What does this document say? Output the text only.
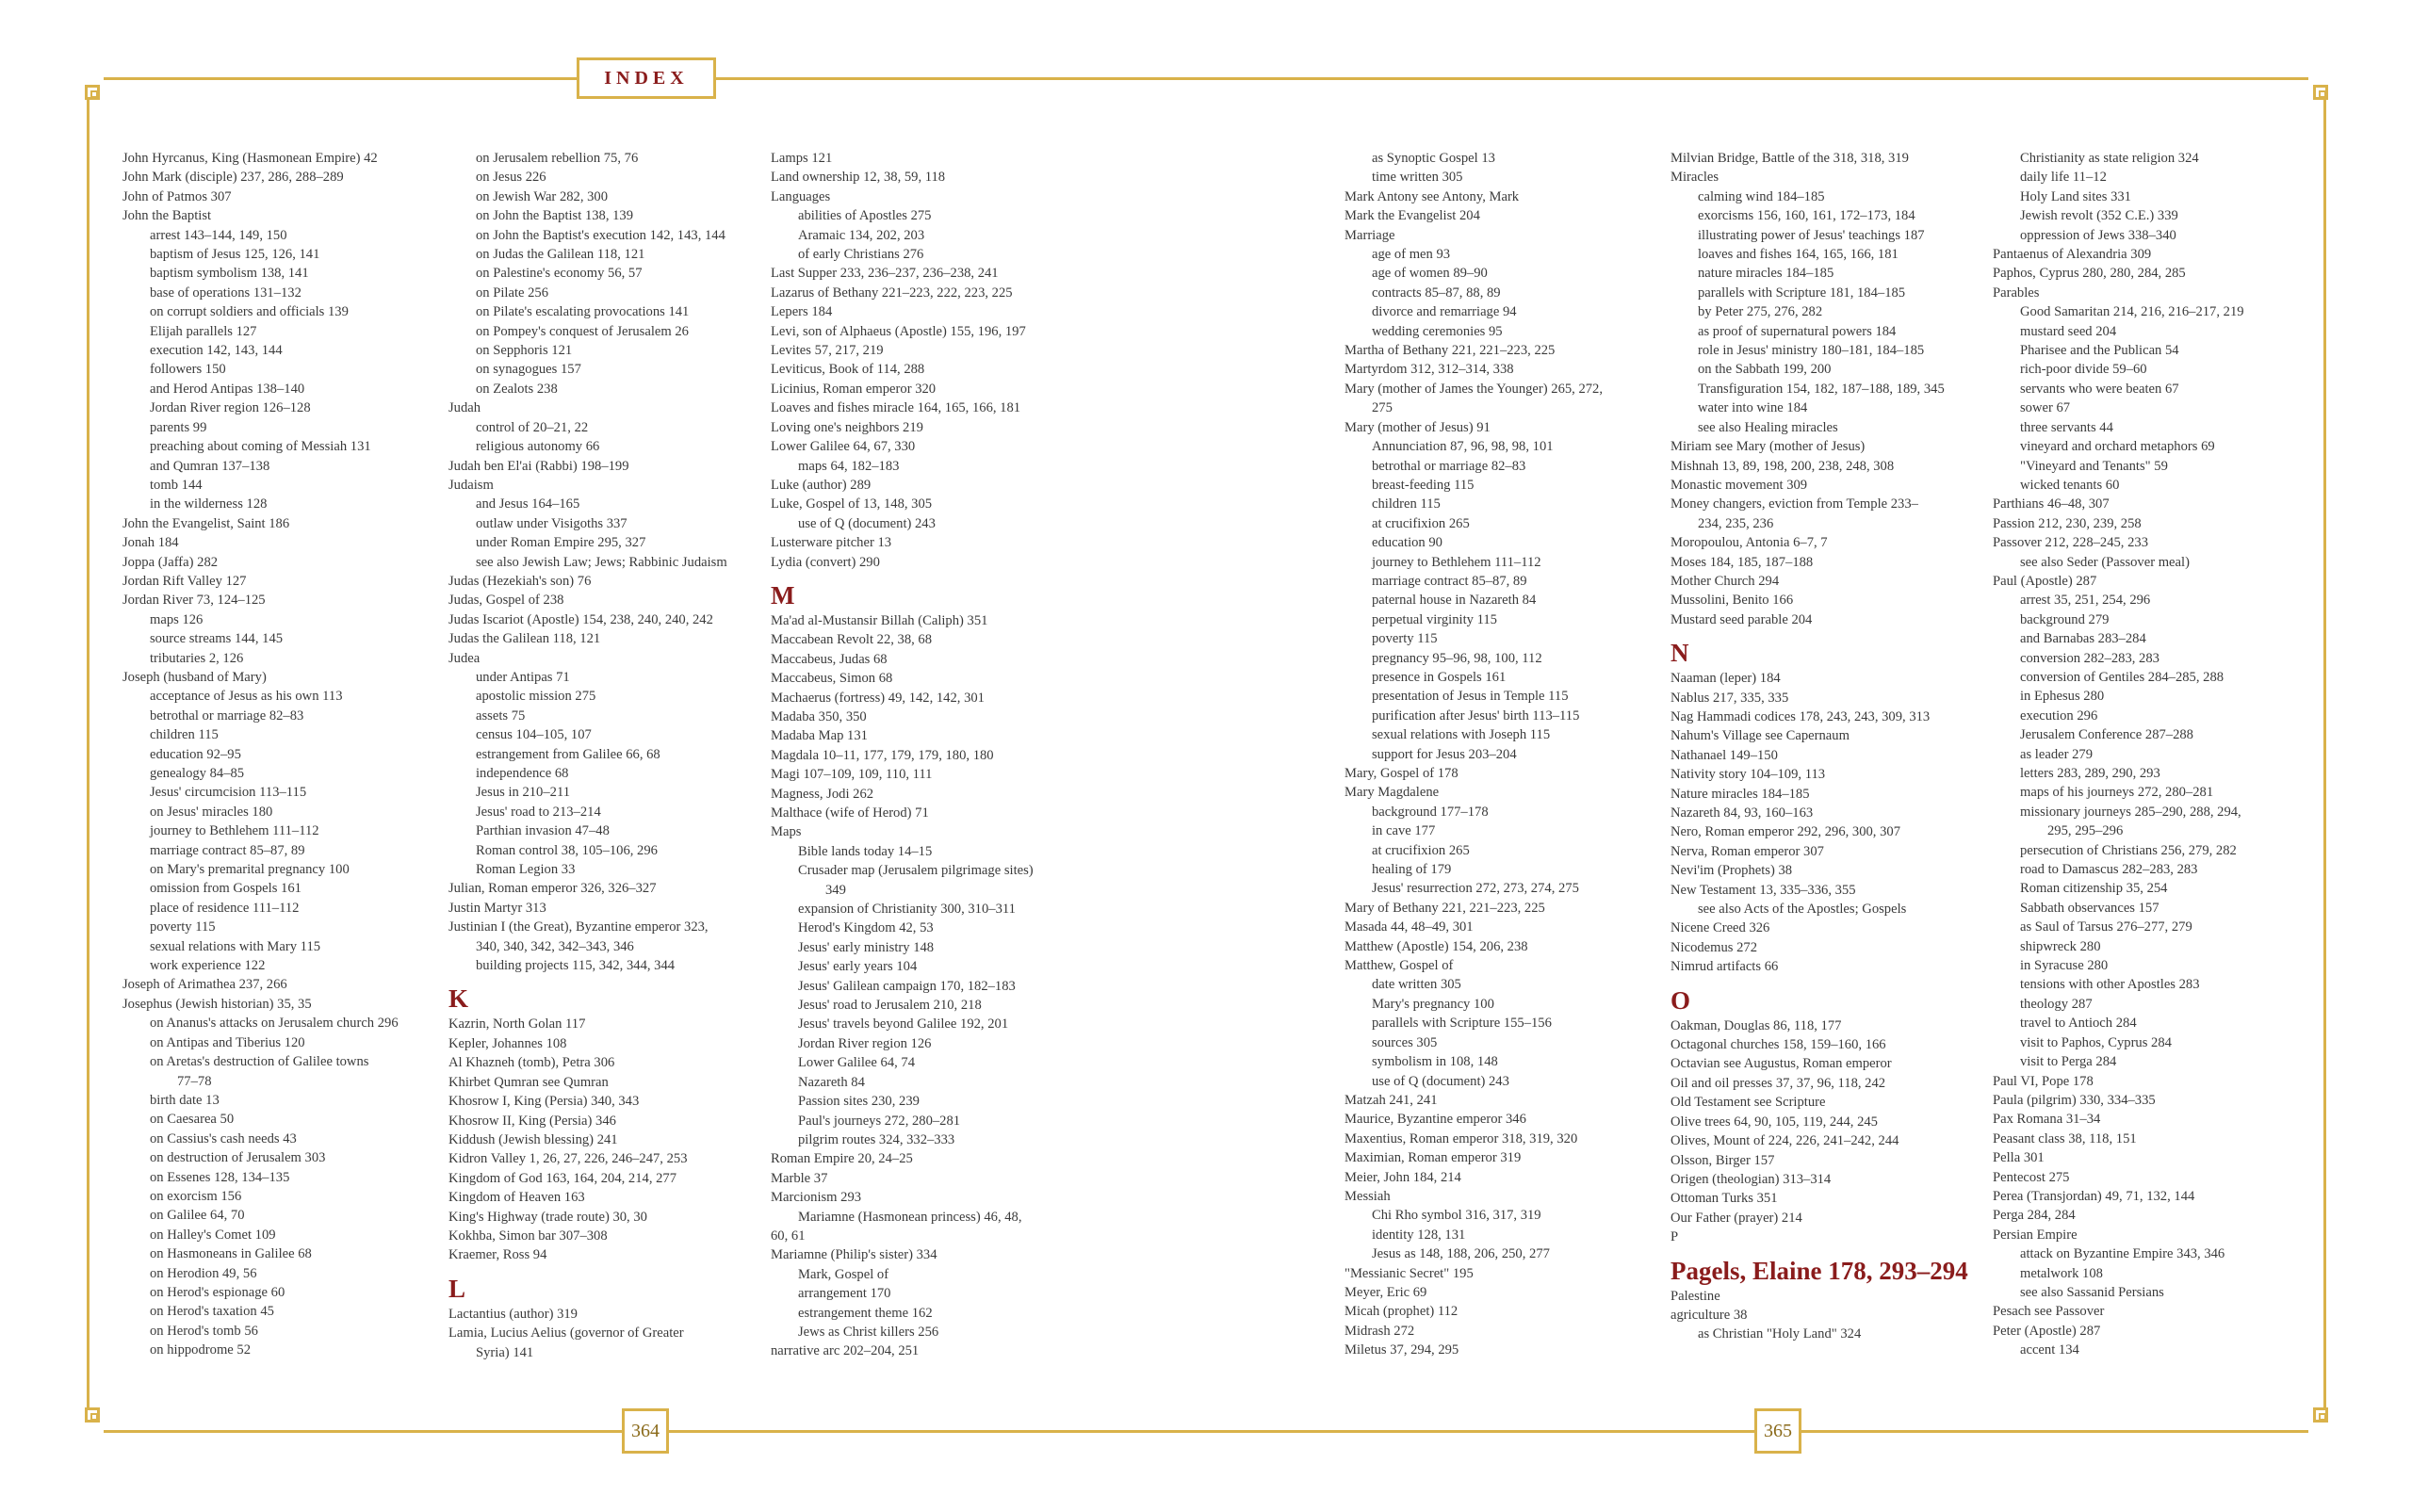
INDEX
364	365
John Hyrcanus, King (Hasmonean Empire) 42
John Mark (disciple) 237, 286, 288–289
John of Patmos 307
John the Baptist
arrest 143–144, 149, 150
baptism of Jesus 125, 126, 141
baptism symbolism 138, 141
base of operations 131–132
on corrupt soldiers and officials 139
Elijah parallels 127
execution 142, 143, 144
followers 150
and Herod Antipas 138–140
Jordan River region 126–128
parents 99
preaching about coming of Messiah 131
and Qumran 137–138
tomb 144
in the wilderness 128
John the Evangelist, Saint 186
Jonah 184
Joppa (Jaffa) 282
Jordan Rift Valley 127
Jordan River 73, 124–125
maps 126
source streams 144, 145
tributaries 2, 126
Joseph (husband of Mary)
acceptance of Jesus as his own 113
betrothal or marriage 82–83
children 115
education 92–95
genealogy 84–85
Jesus' circumcision 113–115
on Jesus' miracles 180
journey to Bethlehem 111–112
marriage contract 85–87, 89
on Mary's premarital pregnancy 100
omission from Gospels 161
place of residence 111–112
poverty 115
sexual relations with Mary 115
work experience 122
Joseph of Arimathea 237, 266
Josephus (Jewish historian) 35, 35
on Ananus's attacks on Jerusalem church 296
on Antipas and Tiberius 120
on Aretas's destruction of Galilee towns
77–78
birth date 13
on Caesarea 50
on Cassius's cash needs 43
on destruction of Jerusalem 303
on Essenes 128, 134–135
on exorcism 156
on Galilee 64, 70
on Halley's Comet 109
on Hasmoneans in Galilee 68
on Herodion 49, 56
on Herod's espionage 60
on Herod's taxation 45
on Herod's tomb 56
on hippodrome 52
on Jerusalem rebellion 75, 76
on Jesus 226
on Jewish War 282, 300
on John the Baptist 138, 139
on John the Baptist's execution 142, 143, 144
on Judas the Galilean 118, 121
on Palestine's economy 56, 57
on Pilate 256
on Pilate's escalating provocations 141
on Pompey's conquest of Jerusalem 26
on Sepphoris 121
on synagogues 157
on Zealots 238
Judah
control of 20–21, 22
religious autonomy 66
Judah ben El'ai (Rabbi) 198–199
Judaism
and Jesus 164–165
outlaw under Visigoths 337
under Roman Empire 295, 327
see also Jewish Law; Jews; Rabbinic Judaism
Judas (Hezekiah's son) 76
Judas, Gospel of 238
Judas Iscariot (Apostle) 154, 238, 240, 240, 242
Judas the Galilean 118, 121
Judea
under Antipas 71
apostolic mission 275
assets 75
census 104–105, 107
estrangement from Galilee 66, 68
independence 68
Jesus in 210–211
Jesus' road to 213–214
Parthian invasion 47–48
Roman control 38, 105–106, 296
Roman Legion 33
Julian, Roman emperor 326, 326–327
Justin Martyr 313
Justinian I (the Great), Byzantine emperor 323,
340, 340, 342, 342–343, 346
building projects 115, 342, 344, 344
K
Kazrin, North Golan 117
Kepler, Johannes 108
Al Khazneh (tomb), Petra 306
Khirbet Qumran see Qumran
Khosrow I, King (Persia) 340, 343
Khosrow II, King (Persia) 346
Kiddush (Jewish blessing) 241
Kidron Valley 1, 26, 27, 226, 246–247, 253
Kingdom of God 163, 164, 204, 214, 277
Kingdom of Heaven 163
King's Highway (trade route) 30, 30
Kokhba, Simon bar 307–308
Kraemer, Ross 94
L
Lactantius (author) 319
Lamia, Lucius Aelius (governor of Greater
Syria) 141
Lamps 121
Land ownership 12, 38, 59, 118
Languages
abilities of Apostles 275
Aramaic 134, 202, 203
of early Christians 276
Last Supper 233, 236–237, 236–238, 241
Lazarus of Bethany 221–223, 222, 223, 225
Lepers 184
Levi, son of Alphaeus (Apostle) 155, 196, 197
Levites 57, 217, 219
Leviticus, Book of 114, 288
Licinius, Roman emperor 320
Loaves and fishes miracle 164, 165, 166, 181
Loving one's neighbors 219
Lower Galilee 64, 67, 330
maps 64, 182–183
Luke (author) 289
Luke, Gospel of 13, 148, 305
use of Q (document) 243
Lusterware pitcher 13
Lydia (convert) 290
M
Ma'ad al-Mustansir Billah (Caliph) 351
Maccabean Revolt 22, 38, 68
Maccabeus, Judas 68
Maccabeus, Simon 68
Machaerus (fortress) 49, 142, 142, 301
Madaba 350, 350
Madaba Map 131
Magdala 10–11, 177, 179, 179, 180, 180
Magi 107–109, 109, 110, 111
Magness, Jodi 262
Malthace (wife of Herod) 71
Maps
Bible lands today 14–15
Crusader map (Jerusalem pilgrimage sites)
349
expansion of Christianity 300, 310–311
Herod's Kingdom 42, 53
Jesus' early ministry 148
Jesus' early years 104
Jesus' Galilean campaign 170, 182–183
Jesus' road to Jerusalem 210, 218
Jesus' travels beyond Galilee 192, 201
Jordan River region 126
Lower Galilee 64, 74
Nazareth 84
Passion sites 230, 239
Paul's journeys 272, 280–281
pilgrim routes 324, 332–333
Roman Empire 20, 24–25
Marble 37
Marcionism 293
Mariamne (Hasmonean princess) 46, 48,
60, 61
Mariamne (Philip's sister) 334
Mark, Gospel of
arrangement 170
estrangement theme 162
Jews as Christ killers 256
narrative arc 202–204, 251
as Synoptic Gospel 13
time written 305
Mark Antony see Antony, Mark
Mark the Evangelist 204
Marriage
age of men 93
age of women 89–90
contracts 85–87, 88, 89
divorce and remarriage 94
wedding ceremonies 95
Martha of Bethany 221, 221–223, 225
Martyrdom 312, 312–314, 338
Mary (mother of James the Younger) 265, 272,
275
Mary (mother of Jesus) 91
Annunciation 87, 96, 98, 98, 101
betrothal or marriage 82–83
breast-feeding 115
children 115
at crucifixion 265
education 90
journey to Bethlehem 111–112
marriage contract 85–87, 89
paternal house in Nazareth 84
perpetual virginity 115
poverty 115
pregnancy 95–96, 98, 100, 112
presence in Gospels 161
presentation of Jesus in Temple 115
purification after Jesus' birth 113–115
sexual relations with Joseph 115
support for Jesus 203–204
Mary, Gospel of 178
Mary Magdalene
background 177–178
in cave 177
at crucifixion 265
healing of 179
Jesus' resurrection 272, 273, 274, 275
Mary of Bethany 221, 221–223, 225
Masada 44, 48–49, 301
Matthew (Apostle) 154, 206, 238
Matthew, Gospel of
date written 305
Mary's pregnancy 100
parallels with Scripture 155–156
sources 305
symbolism in 108, 148
use of Q (document) 243
Matzah 241, 241
Maurice, Byzantine emperor 346
Maxentius, Roman emperor 318, 319, 320
Maximian, Roman emperor 319
Meier, John 184, 214
Messiah
Chi Rho symbol 316, 317, 319
identity 128, 131
Jesus as 148, 188, 206, 250, 277
"Messianic Secret" 195
Meyer, Eric 69
Micah (prophet) 112
Midrash 272
Miletus 37, 294, 295
Milvian Bridge, Battle of the 318, 318, 319
Miracles
calming wind 184–185
exorcisms 156, 160, 161, 172–173, 184
illustrating power of Jesus' teachings 187
loaves and fishes 164, 165, 166, 181
nature miracles 184–185
parallels with Scripture 181, 184–185
by Peter 275, 276, 282
as proof of supernatural powers 184
role in Jesus' ministry 180–181, 184–185
on the Sabbath 199, 200
Transfiguration 154, 182, 187–188, 189, 345
water into wine 184
see also Healing miracles
Miriam see Mary (mother of Jesus)
Mishnah 13, 89, 198, 200, 238, 248, 308
Monastic movement 309
Money changers, eviction from Temple 233–
234, 235, 236
Moropoulou, Antonia 6–7, 7
Moses 184, 185, 187–188
Mother Church 294
Mussolini, Benito 166
Mustard seed parable 204
N
Naaman (leper) 184
Nablus 217, 335, 335
Nag Hammadi codices 178, 243, 243, 309, 313
Nahum's Village see Capernaum
Nathanael 149–150
Nativity story 104–109, 113
Nature miracles 184–185
Nazareth 84, 93, 160–163
Nero, Roman emperor 292, 296, 300, 307
Nerva, Roman emperor 307
Nevi'im (Prophets) 38
New Testament 13, 335–336, 355
see also Acts of the Apostles; Gospels
Nicene Creed 326
Nicodemus 272
Nimrud artifacts 66
O
Oakman, Douglas 86, 118, 177
Octagonal churches 158, 159–160, 166
Octavian see Augustus, Roman emperor
Oil and oil presses 37, 37, 96, 118, 242
Old Testament see Scripture
Olive trees 64, 90, 105, 119, 244, 245
Olives, Mount of 224, 226, 241–242, 244
Olsson, Birger 157
Origen (theologian) 313–314
Ottoman Turks 351
Our Father (prayer) 214
P
Pagels, Elaine 178, 293–294
Palestine
agriculture 38
as Christian "Holy Land" 324
Christianity as state religion 324
daily life 11–12
Holy Land sites 331
Jewish revolt (352 C.E.) 339
oppression of Jews 338–340
Pantaenus of Alexandria 309
Paphos, Cyprus 280, 280, 284, 285
Parables
Good Samaritan 214, 216, 216–217, 219
mustard seed 204
Pharisee and the Publican 54
rich-poor divide 59–60
servants who were beaten 67
sower 67
three servants 44
vineyard and orchard metaphors 69
"Vineyard and Tenants" 59
wicked tenants 60
Parthians 46–48, 307
Passion 212, 230, 239, 258
Passover 212, 228–245, 233
see also Seder (Passover meal)
Paul (Apostle) 287
arrest 35, 251, 254, 296
background 279
and Barnabas 283–284
conversion 282–283, 283
conversion of Gentiles 284–285, 288
in Ephesus 280
execution 296
Jerusalem Conference 287–288
as leader 279
letters 283, 289, 290, 293
maps of his journeys 272, 280–281
missionary journeys 285–290, 288, 294,
295, 295–296
persecution of Christians 256, 279, 282
road to Damascus 282–283, 283
Roman citizenship 35, 254
Sabbath observances 157
as Saul of Tarsus 276–277, 279
shipwreck 280
in Syracuse 280
tensions with other Apostles 283
theology 287
travel to Antioch 284
visit to Paphos, Cyprus 284
visit to Perga 284
Paul VI, Pope 178
Paula (pilgrim) 330, 334–335
Pax Romana 31–34
Peasant class 38, 118, 151
Pella 301
Pentecost 275
Perea (Transjordan) 49, 71, 132, 144
Perga 284, 284
Persian Empire
attack on Byzantine Empire 343, 346
metalwork 108
see also Sassanid Persians
Pesach see Passover
Peter (Apostle) 287
accent 134
